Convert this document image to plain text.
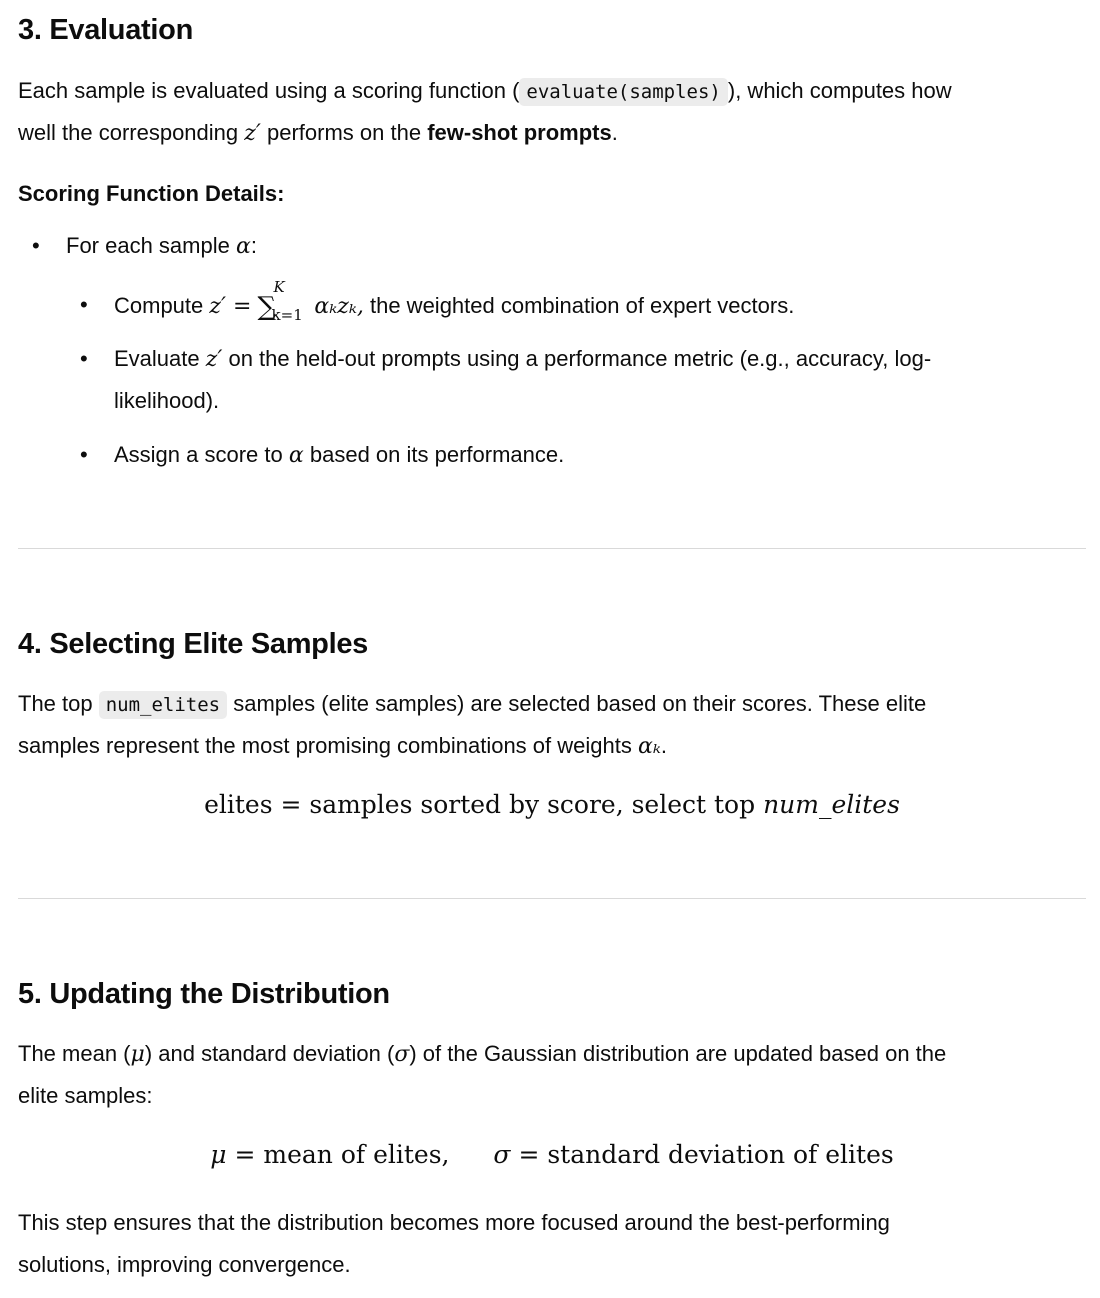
3. Evaluation

Each sample is evaluated using a scoring function ( evaluate(samples) ), which computes how

well the corresponding z′ performs on the few-shot prompts.

Scoring Function Details:
• For each sample α:
• Compute z′ = ∑
K
k=1 αₖzₖ, the weighted combination of expert vectors.
• Evaluate z′ on the held-out prompts using a performance metric (e.g., accuracy, log-
likelihood).
• Assign a score to α based on its performance.
4. Selecting Elite Samples

The top num_elites samples (elite samples) are selected based on their scores. These elite

samples represent the most promising combinations of weights αₖ.

elites = samples sorted by score, select top num_elites
5. Updating the Distribution

The mean (μ) and standard deviation (σ) of the Gaussian distribution are updated based on the

elite samples:

μ = mean of elites, σ = standard deviation of elites

This step ensures that the distribution becomes more focused around the best-performing

solutions, improving convergence.
